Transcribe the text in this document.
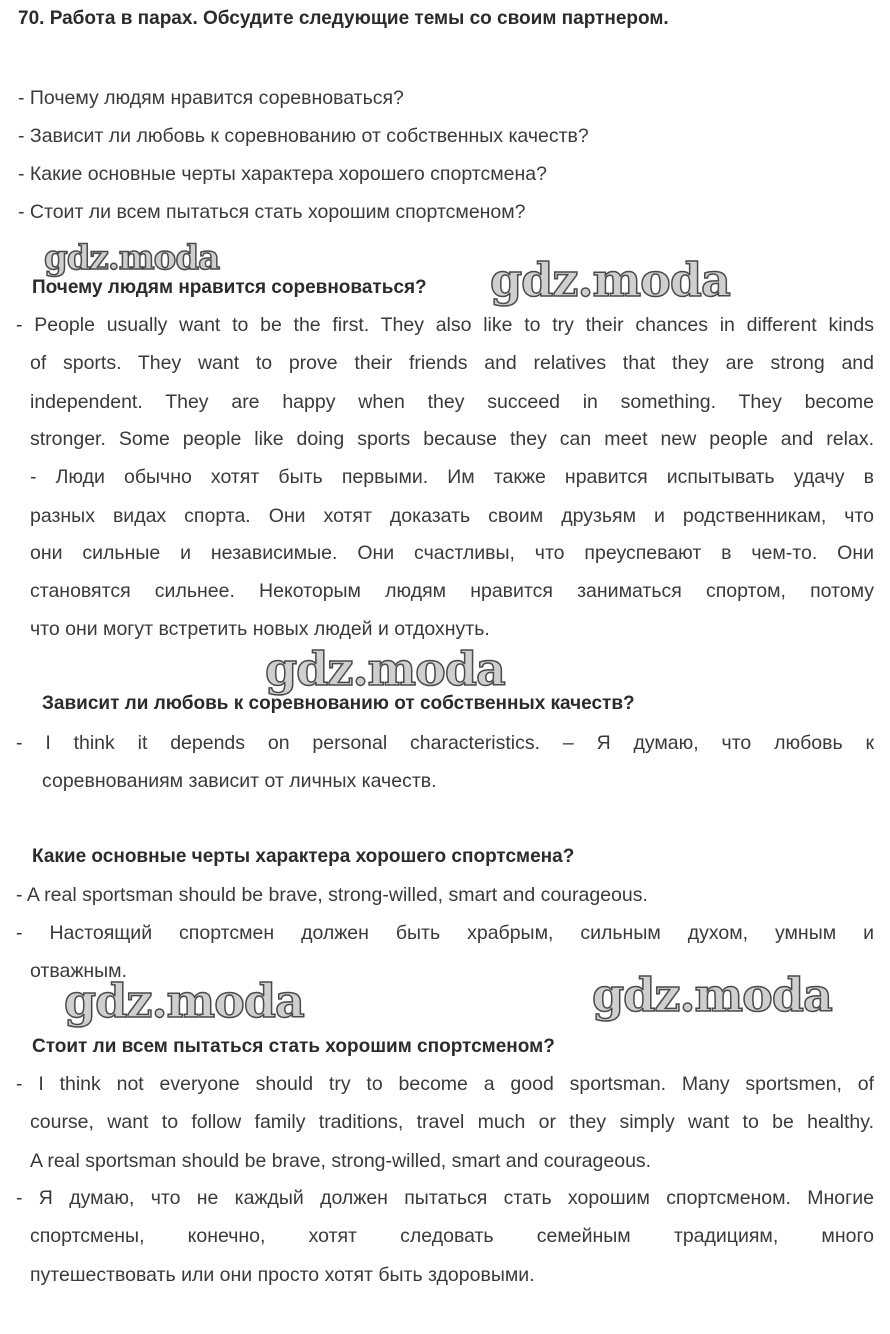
70. Работа в парах. Обсудите следующие темы со своим партнером.
- Почему людям нравится соревноваться?
- Зависит ли любовь к соревнованию от собственных качеств?
- Какие основные черты характера хорошего спортсмена?
- Стоит ли всем пытаться стать хорошим спортсменом?
gdz.moda
Почему людям нравится соревноваться? gdz.moda
- People usually want to be the first. They also like to try their chances in different kinds
of sports. They want to prove their friends and relatives that they are strong and
independent. They are happy when they succeed in something. They become
stronger. Some people like doing sports because they can meet new people and relax.
- Люди обычно хотят быть первыми. Им также нравится испытывать удачу в
разных видах спорта. Они хотят доказать своим друзьям и родственникам, что
они сильные и независимые. Они счастливы, что преуспевают в чем-то. Они
становятся сильнее. Некоторым людям нравится заниматься спортом, потому
что они могут встретить новых людей и отдохнуть.
gdz.moda
Зависит ли любовь к соревнованию от собственных качеств?
- I think it depends on personal characteristics. – Я думаю, что любовь к
соревнованиям зависит от личных качеств.
Какие основные черты характера хорошего спортсмена?
- A real sportsman should be brave, strong-willed, smart and courageous.
- Настоящий спортсмен должен быть храбрым, сильным духом, умным и
отважным.
gdz.moda	gdz.moda
Стоит ли всем пытаться стать хорошим спортсменом?
- I think not everyone should try to become a good sportsman. Many sportsmen, of
course, want to follow family traditions, travel much or they simply want to be healthy.
A real sportsman should be brave, strong-willed, smart and courageous.
- Я думаю, что не каждый должен пытаться стать хорошим спортсменом. Многие
спортсмены, конечно, хотят следовать семейным традициям, много
путешествовать или они просто хотят быть здоровыми.
